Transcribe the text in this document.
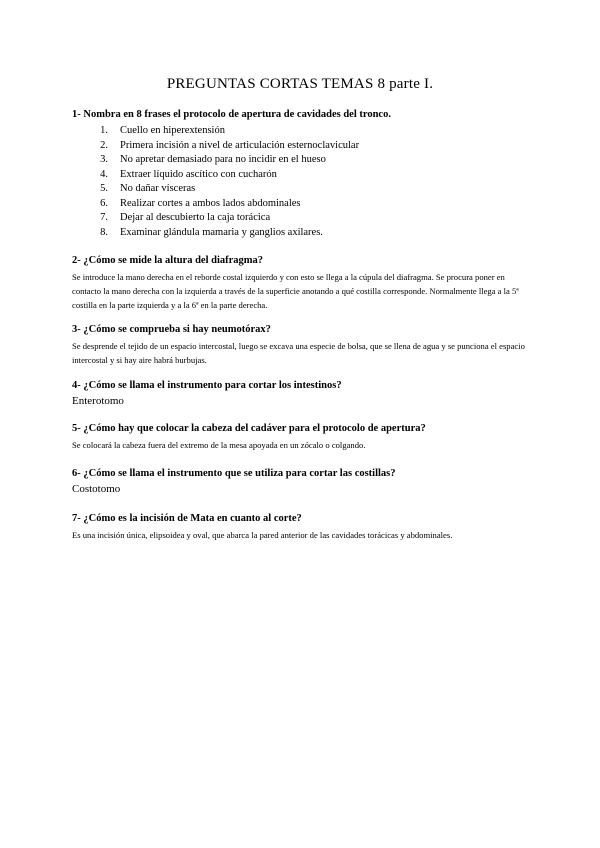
PREGUNTAS CORTAS TEMAS 8 parte I.

1- Nombra en 8 frases el protocolo de apertura de cavidades del tronco.

1.	Cuello en hiperextensión
2.	Primera incisión a nivel de articulación esternoclavicular
3.	No apretar demasiado para no incidir en el hueso
4.	Extraer líquido ascítico con cucharón
5.	No dañar vísceras
6.	Realizar cortes a ambos lados abdominales
7.	Dejar al descubierto la caja torácica
8.	Examinar glándula mamaria y ganglios axilares.

2- ¿Cómo se mide la altura del diafragma?

Se introduce la mano derecha en el reborde costal izquierdo y con esto se llega a la cúpula del diafragma. Se procura poner en contacto la mano derecha con la izquierda a través de la superficie anotando a qué costilla corresponde. Normalmente llega a la 5ª costilla en la parte izquierda y a la 6ª en la parte derecha.

3- ¿Cómo se comprueba si hay neumotórax?

Se desprende el tejido de un espacio intercostal, luego se excava una especie de bolsa, que se llena de agua y se punciona el espacio intercostal y si hay aire habrá burbujas.

4- ¿Cómo se llama el instrumento para cortar los intestinos?

Enterotomo

5- ¿Cómo hay que colocar la cabeza del cadáver para el protocolo de apertura?

Se colocará la cabeza fuera del extremo de la mesa apoyada en un zócalo o colgando.

6- ¿Cómo se llama el instrumento que se utiliza para cortar las costillas?

Costotomo

7- ¿Cómo es la incisión de Mata en cuanto al corte?

Es una incisión única, elipsoidea y oval, que abarca la pared anterior de las cavidades torácicas y abdominales.
